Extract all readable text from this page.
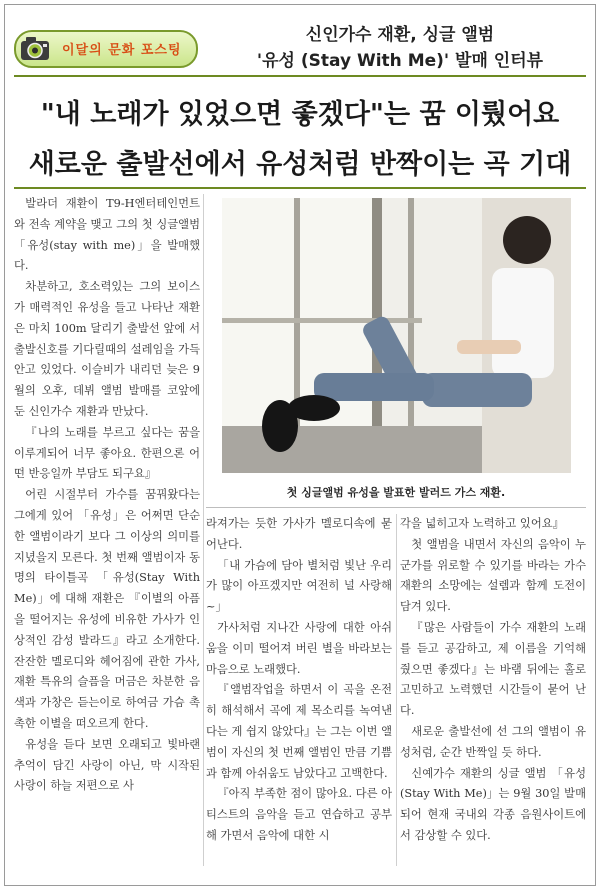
이달의 문화 포스팅
신인가수 재환, 싱글 앨범
'유성 (Stay With Me)' 발매 인터뷰
"내 노래가 있었으면 좋겠다"는 꿈 이뤘어요
새로운 출발선에서 유성처럼 반짝이는 곡 기대

발라더 재환이 T9-H엔터테인먼트와 전속 계약을 맺고 그의 첫 싱글앨범 「유성(stay with me)」을 발매했다.

차분하고, 호소력있는 그의 보이스가 매력적인 유성을 들고 나타난 재환은 마치 100m 달리기 출발선 앞에 서 출발신호를 기다릴때의 설레임을 가득안고 있었다. 이슬비가 내리던 늦은 9월의 오후, 데뷔 앨범 발매를 코앞에 둔 신인가수 재환과 만났다.

『나의 노래를 부르고 싶다는 꿈을 이루게되어 너무 좋아요. 한편으론 어떤 반응일까 부담도 되구요』

어린 시절부터 가수를 꿈꿔왔다는 그에게 있어 「유성」은 어쩌면 단순한 앨범이라기 보다 그 이상의 의미를 지녔을지 모른다. 첫 번째 앨범이자 동명의 타이틀곡 「유성(Stay With Me)」에 대해 재환은 『이별의 아픔을 떨어지는 유성에 비유한 가사가 인상적인 감성 발라드』라고 소개한다. 잔잔한 멜로디와 헤어짐에 관한 가사, 재환 특유의 슬픔을 머금은 차분한 음색과 가창은 듣는이로 하여금 가슴 촉촉한 이별을 떠오르게 한다.

유성을 듣다 보면 오래되고 빛바랜 추억이 담긴 사랑이 아닌, 막 시작된 사랑이 하늘 저편으로 사

첫 싱글앨범 유성을 발표한 발러드 가스 재환.

라져가는 듯한 가사가 멜로디속에 묻어난다.

「내 가슴에 담아 별처럼 빛난 우리가 많이 아프겠지만 여전히 널 사랑해~」

가사처럼 지나간 사랑에 대한 아쉬움을 이미 떨어져 버린 별을 바라보는 마음으로 노래했다.

『앨범작업을 하면서 이 곡을 온전히 해석해서 곡에 제 목소리를 녹여낸다는 게 쉽지 않았다』는 그는 이번 앨범이 자신의 첫 번째 앨범인 만큼 기쁨과 함께 아쉬움도 남았다고 고백한다.

『아직 부족한 점이 많아요. 다른 아티스트의 음악을 듣고 연습하고 공부해 가면서 음악에 대한 시

각을 넓히고자 노력하고 있어요』

첫 앨범을 내면서 자신의 음악이 누군가를 위로할 수 있기를 바라는 가수 재환의 소망에는 설렘과 함께 도전이 담겨 있다.

『많은 사람들이 가수 재환의 노래를 듣고 공감하고, 제 이름을 기억해 줬으면 좋겠다』는 바램 뒤에는 홀로 고민하고 노력했던 시간들이 묻어 난다.

새로운 출발선에 선 그의 앨범이 유성처럼, 순간 반짝일 듯 하다.

신예가수 재환의 싱글 앨범 「유성 (Stay With Me)」는 9월 30일 발매되어 현재 국내외 각종 음원사이트에서 감상할 수 있다.
